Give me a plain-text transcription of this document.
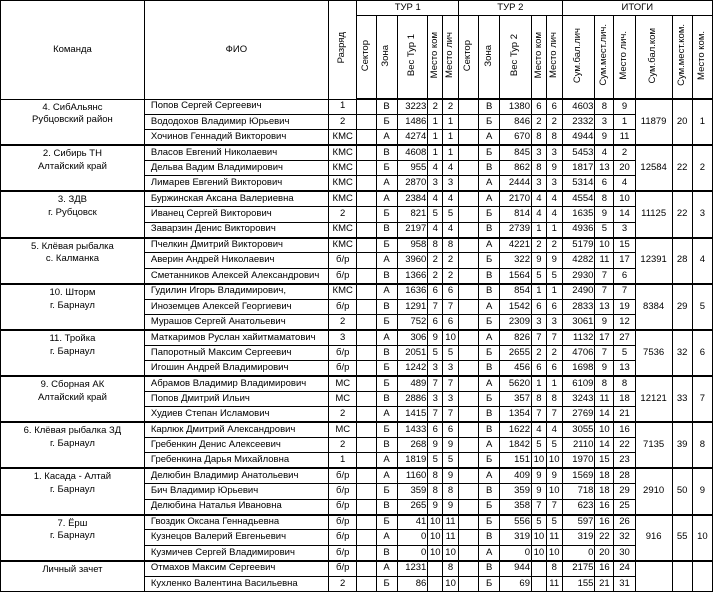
Команда	ФИО	Разряд	ТУР 1					ТУР 2					ИТОГИ					
			Сектор	Зона	Вес Тур 1	Место ком	Место лич	Сектор	Зона	Вес Тур 2	Место ком	Место лич	Сум.бал.лич	Сум.мест.лич.	Место лич.	Сум.бал.ком	Сум.мест.ком.	Место ком.

4. СибАльянс
Рубцовский район	Попов Сергей Сергеевич	1		В	3223	2	2		В	1380	6	6	4603	8	9	11879	20	1
	Вододохов Владимир Юрьевич	2		Б	1486	1	1		Б	846	2	2	2332	3	1			
	Хочинов Геннадий Викторович	КМС		А	4274	1	1		А	670	8	8	4944	9	11			

2. Сибирь ТН
Алтайский край	Власов Евгений Николаевич	КМС		В	4608	1	1		Б	845	3	3	5453	4	2	12584	22	2
	Дельва Вадим Владимирович	КМС		Б	955	4	4		В	862	8	9	1817	13	20			
	Лимарев Евгений Викторович	КМС		А	2870	3	3		А	2444	3	3	5314	6	4			

3. ЗДВ
г. Рубцовск	Буржинская Аксана Валериевна	КМС		А	2384	4	4		А	2170	4	4	4554	8	10	11125	22	3
	Иванец Сергей Викторович	2		Б	821	5	5		Б	814	4	4	1635	9	14			
	Заварзин Денис Викторович	КМС		В	2197	4	4		В	2739	1	1	4936	5	3			

5. Клёвая рыбалка
с. Калманка	Пчелкин Дмитрий Викторович	КМС		Б	958	8	8		А	4221	2	2	5179	10	15	12391	28	4
	Аверин Андрей Николаевич	б/р		А	3960	2	2		Б	322	9	9	4282	11	17			
	Сметанников Алексей Александрович	б/р		В	1366	2	2		В	1564	5	5	2930	7	6			

10. Шторм
г. Барнаул	Гудилин Игорь Владимирович,	КМС		А	1636	6	6		В	854	1	1	2490	7	7	8384	29	5
	Иноземцев Алексей Георгиевич	б/р		В	1291	7	7		А	1542	6	6	2833	13	19			
	Мурашов Сергей Анатольевич	2		Б	752	6	6		Б	2309	3	3	3061	9	12			

11. Тройка
г. Барнаул	Маткаримов Руслан хайитмаматович	3		А	306	9	10		А	826	7	7	1132	17	27	7536	32	6
	Папоротный Максим Сергеевич	б/р		В	2051	5	5		Б	2655	2	2	4706	7	5			
	Игошин Андрей Владимирович	б/р		Б	1242	3	3		В	456	6	6	1698	9	13			

9. Сборная АК
Алтайский край	Абрамов Владимир Владимирович	МС		Б	489	7	7		А	5620	1	1	6109	8	8	12121	33	7
	Попов Дмитрий Ильич	МС		В	2886	3	3		Б	357	8	8	3243	11	18			
	Худиев Степан Исламович	2		А	1415	7	7		В	1354	7	7	2769	14	21			

6. Клёвая рыбалка ЗД
г. Барнаул	Карлюк Дмитрий Александрович	МС		Б	1433	6	6		В	1622	4	4	3055	10	16	7135	39	8
	Гребенкин Денис Алексеевич	2		В	268	9	9		А	1842	5	5	2110	14	22			
	Гребенкина Дарья Михайловна	1		А	1819	5	5		Б	151	10	10	1970	15	23			

1. Касада - Алтай
г. Барнаул	Делюбин Владимир Анатольевич	б/р		А	1160	8	9		А	409	9	9	1569	18	28	2910	50	9
	Бич Владимир Юрьевич	б/р		Б	359	8	8		В	359	9	10	718	18	29			
	Делюбина Наталья Ивановна	б/р		В	265	9	9		Б	358	7	7	623	16	25			

7. Ёрш
г. Барнаул	Гвоздик Оксана Геннадьевна	б/р		Б	41	10	11		Б	556	5	5	597	16	26	916	55	10
	Кузнецов Валерий Евгеньевич	б/р		А	0	10	11		В	319	10	11	319	22	32			
	Кузмичев Сергей Владимирович	б/р		В	0	10	10		А	0	10	10	0	20	30			

Личный зачет	Отмахов Максим Сергеевич	б/р		А	1231		8		В	944		8	2175	16	24			
	Кухленко Валентина Васильевна	2		Б	86		10		Б	69		11	155	21	31			
